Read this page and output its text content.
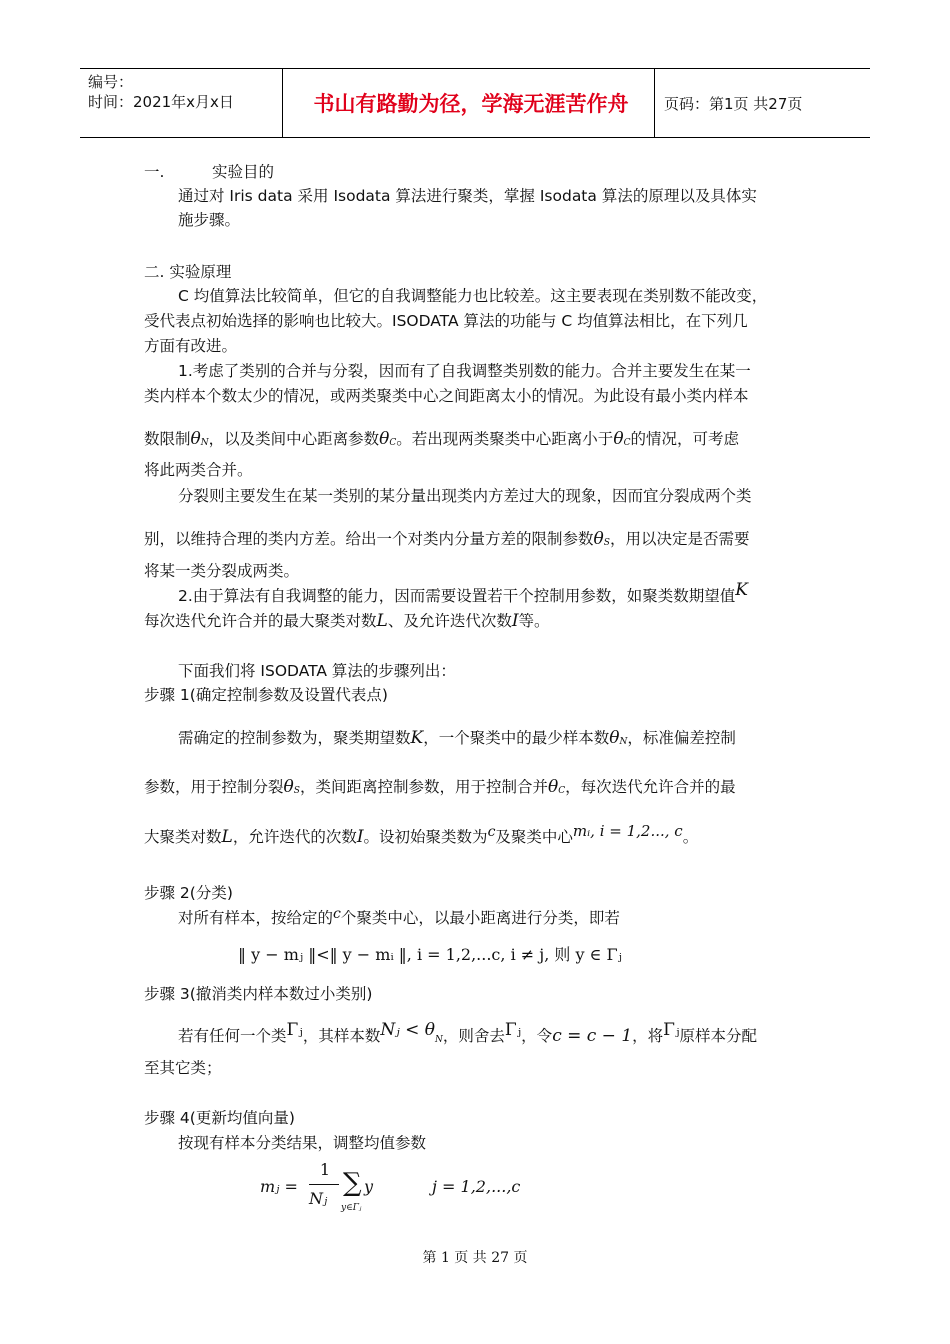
编号：
时间：2021年x月x日	书山有路勤为径，学海无涯苦作舟	页码：第1页 共27页
一.	实验目的
通过对 Iris data 采用 Isodata 算法进行聚类，掌握 Isodata 算法的原理以及具体实
施步骤。
二. 实验原理
C 均值算法比较简单，但它的自我调整能力也比较差。这主要表现在类别数不能改变，
受代表点初始选择的影响也比较大。ISODATA 算法的功能与 C 均值算法相比，在下列几
方面有改进。
1.考虑了类别的合并与分裂，因而有了自我调整类别数的能力。合并主要发生在某一
类内样本个数太少的情况，或两类聚类中心之间距离太小的情况。为此设有最小类内样本
数限制θN，以及类间中心距离参数θC。若出现两类聚类中心距离小于θC的情况，可考虑
将此两类合并。
分裂则主要发生在某一类别的某分量出现类内方差过大的现象，因而宜分裂成两个类
别，以维持合理的类内方差。给出一个对类内分量方差的限制参数θS，用以决定是否需要
将某一类分裂成两类。
2.由于算法有自我调整的能力，因而需要设置若干个控制用参数，如聚类数期望值K
每次迭代允许合并的最大聚类对数L、及允许迭代次数I等。
下面我们将 ISODATA 算法的步骤列出：
步骤 1(确定控制参数及设置代表点)
需确定的控制参数为，聚类期望数K，一个聚类中的最少样本数θN，标准偏差控制
参数，用于控制分裂θS，类间距离控制参数，用于控制合并θC，每次迭代允许合并的最
大聚类对数L，允许迭代的次数I。设初始聚类数为c及聚类中心mᵢ, i = 1,2..., c。
步骤 2(分类)
对所有样本，按给定的c个聚类中心，以最小距离进行分类，即若
‖ y − mⱼ ‖<‖ y − mᵢ ‖, i = 1,2,...c, i ≠ j, 则 y ∈ Γⱼ
步骤 3(撤消类内样本数过小类别)
若有任何一个类Γⱼ，其样本数Nⱼ < θN，则舍去Γⱼ，令c = c − 1，将Γⱼ原样本分配
至其它类；
步骤 4(更新均值向量)
按现有样本分类结果，调整均值参数
mⱼ =
1
Nⱼ
∑
y∈Γⱼ
y	j = 1,2,...,c
第 1 页 共 27 页
